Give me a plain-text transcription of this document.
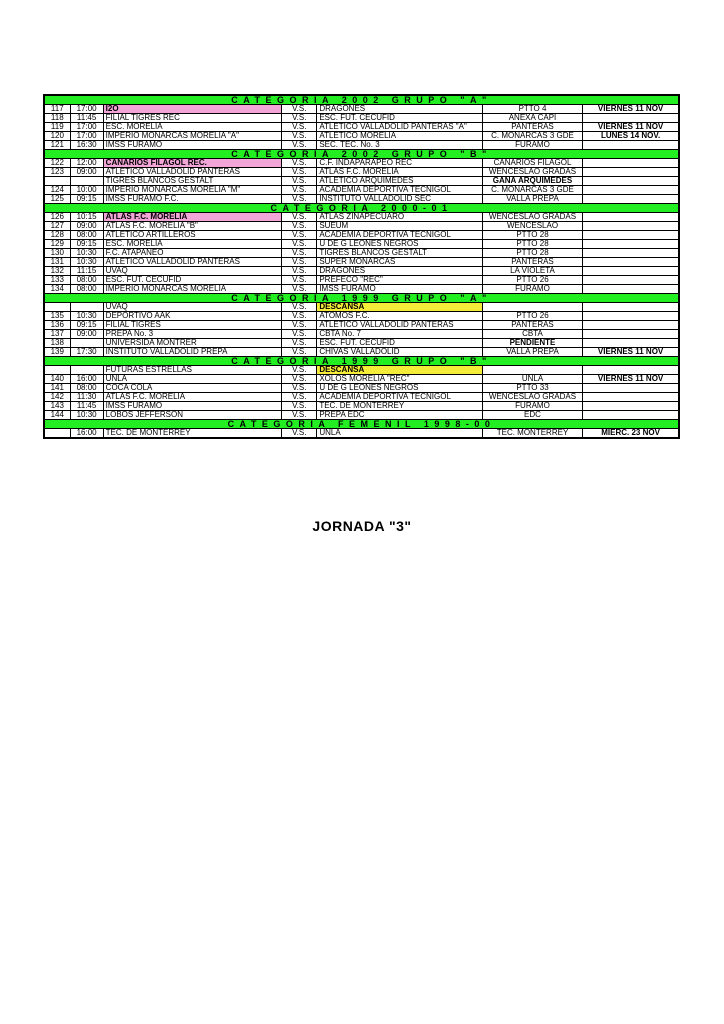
CATEGORIA 2002 GRUPO "A"						
117	17:00	I2O	V.S.	DRAGONES	PTTO 4	VIERNES 11 NOV
118	11:45	FILIAL TIGRES REC	V.S.	ESC. FUT. CECUFID	ANEXA CAPI	
119	17:00	ESC. MORELIA	V.S.	ATLETICO VALLADOLID PANTERAS "A"	PANTERAS	VIERNES 11 NOV
120	17:00	IMPERIO MONARCAS MORELIA "A"	V.S.	ATLETICO MORELIA	C. MONARCAS 3 GDE	LUNES 14 NOV.
121	16:30	IMSS FURAMO	V.S.	SEC. TEC. No. 3	FURAMO	
CATEGORIA 2002 GRUPO "B"						
122	12:00	CANARIOS FILAGOL REC.	V.S.	C.F. INDAPARAPEO REC	CANARIOS FILAGOL	
123	09:00	ATLETICO VALLADOLID PANTERAS	V.S.	ATLAS F.C. MORELIA	WENCESLAO GRADAS	
		TIGRES BLANCOS GESTALT	V.S.	ATLETICO ARQUIMEDES	GANA ARQUIMEDES	
124	10:00	IMPERIO MONARCAS MORELIA "M"	V.S.	ACADEMIA DEPORTIVA TECNIGOL	C. MONARCAS 3 GDE	
125	09:15	IMSS FURAMO F.C.	V.S.	INSTITUTO VALLADOLID SEC	VALLA PREPA	
CATEGORIA 2000-01						
126	10:15	ATLAS F.C. MORELIA	V.S.	ATLAS ZINAPECUARO	WENCESLAO GRADAS	
127	09:00	ATLAS F.C. MORELIA "B"	V.S.	SUEUM	WENCESLAO	
128	08:00	ATLETICO ARTILLEROS	V.S.	ACADEMIA DEPORTIVA TECNIGOL	PTTO 28	
129	09:15	ESC. MORELIA	V.S.	U DE G LEONES NEGROS	PTTO 28	
130	10:30	F.C. ATAPANEO	V.S.	TIGRES BLANCOS GESTALT	PTTO 28	
131	10:30	ATLETICO VALLADOLID PANTERAS	V.S.	SUPER MONARCAS	PANTERAS	
132	11:15	UVAQ	V.S.	DRAGONES	LA VIOLETA	
133	08:00	ESC. FUT. CECUFID	V.S.	PREFECO "REC"	PTTO 26	
134	08:00	IMPERIO MONARCAS MORELIA	V.S.	IMSS FURAMO	FURAMO	
CATEGORIA 1999 GRUPO "A"						
		UVAQ	V.S.	DESCANSA		
135	10:30	DEPORTIVO AAK	V.S.	ATOMOS F.C.	PTTO 26	
136	09:15	FILIAL TIGRES	V.S.	ATLETICO VALLADOLID PANTERAS	PANTERAS	
137	09:00	PREPA No. 3	V.S.	CBTA No. 7	CBTA	
138		UNIVERSIDA MONTRER	V.S.	ESC. FUT. CECUFID	PENDIENTE	
139	17:30	INSTITUTO VALLADOLID PREPA	V.S.	CHIVAS VALLADOLID	VALLA PREPA	VIERNES 11 NOV
CATEGORIA 1999 GRUPO "B"						
		FUTURAS ESTRELLAS	V.S.	DESCANSA		
140	16:00	UNLA	V.S.	XOLOS MORELIA "REC"	UNLA	VIERNES 11 NOV
141	08:00	COCA COLA	V.S.	U DE G LEONES NEGROS	PTTO 33	
142	11:30	ATLAS F.C. MORELIA	V.S.	ACADEMIA DEPORTIVA TECNIGOL	WENCESLAO GRADAS	
143	11:45	IMSS FURAMO	V.S.	TEC. DE MONTERREY	FURAMO	
144	10:30	LOBOS JEFFERSON	V.S.	PREPA EDC	EDC	
CATEGORIA FEMENIL 1998-00						
	16:00	TEC. DE MONTERREY	V.S.	UNLA	TEC. MONTERREY	MIERC. 23 NOV
JORNADA "3"
